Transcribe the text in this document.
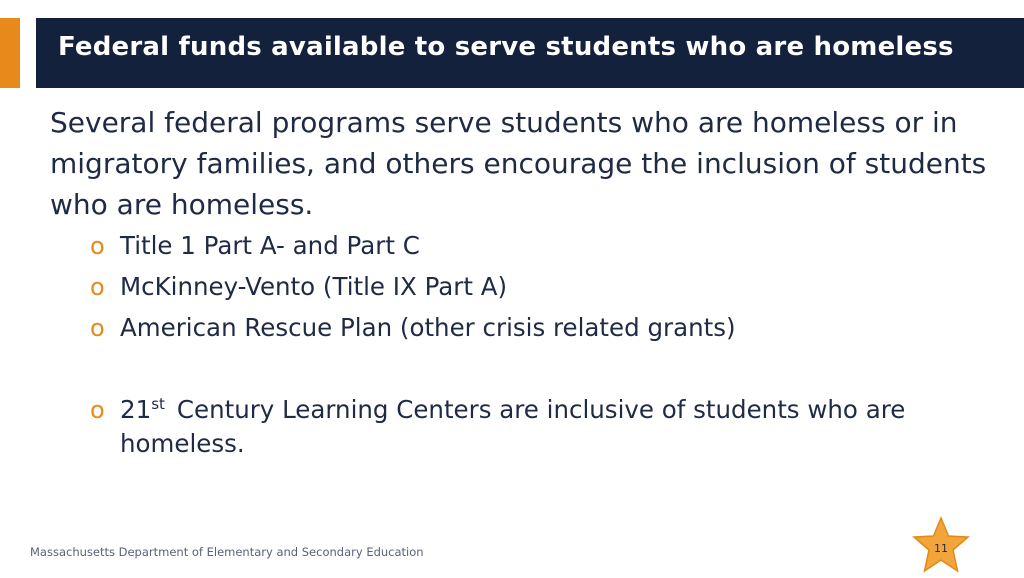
Federal funds available to serve students who are homeless
Several federal programs serve students who are homeless or in migratory families, and others encourage the inclusion of students who are homeless.
o Title 1 Part A- and Part C
o McKinney-Vento (Title IX Part A)
o American Rescue Plan (other crisis related grants)
o 21st Century Learning Centers are inclusive of students who are homeless.
Massachusetts Department of Elementary and Secondary Education	11
